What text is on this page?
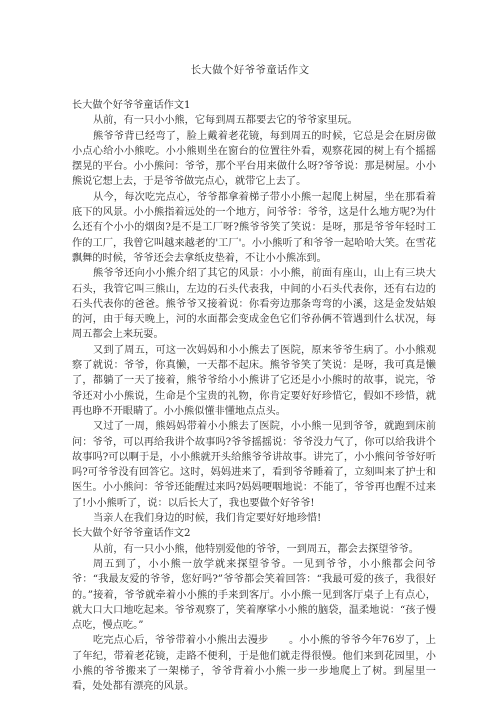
长大做个好爷爷童话作文

长大做个好爷爷童话作文1

从前，有一只小小熊，它每到周五都要去它的爷爷家里玩。

熊爷爷背已经弯了，脸上戴着老花镜，每到周五的时候，它总是会在厨房做小点心给小小熊吃。小小熊则坐在窗台的位置往外看，观察花园的树上有个摇摇摆晃的平台。小小熊问：爷爷，那个平台用来做什么呀?爷爷说：那是树屋。小小熊说它想上去，于是爷爷做完点心，就带它上去了。

从今，每次吃完点心，爷爷都拿着梯子带小小熊一起爬上树屋，坐在那看着底下的风景。小小熊指着远处的一个地方，问爷爷：爷爷，这是什么地方呢?为什么还有个小小的烟囱?是不是工厂呀?熊爷爷笑了笑说：是呀，那是爷爷年轻时工作的工厂，我曾它叫越来越老的'工厂'。小小熊听了和爷爷一起哈哈大笑。在雪花飘舞的时候，爷爷还会去拿纸皮垫着，不让小小熊冻到。

熊爷爷还向小小熊介绍了其它的风景：小小熊，前面有座山，山上有三块大石头，我管它叫三熊山，左边的石头代表我，中间的小石头代表你，还有右边的石头代表你的爸爸。熊爷爷又接着说：你看旁边那条弯弯的小溪，这是金发姑娘的河，由于每天晚上，河的水面都会变成金色它们爷孙俩不管遇到什么状况，每周五都会上来玩耍。

又到了周五，可这一次妈妈和小小熊去了医院，原来爷爷生病了。小小熊观察了就说：爷爷，你真懒，一天都不起床。熊爷爷笑了笑说：是呀，我可真是懒了，都躺了一天了接着，熊爷爷给小小熊讲了它还是小小熊时的故事，说完，爷爷还对小小熊说，生命是个宝贵的礼物，你肯定要好好珍惜它，假如不珍惜，就再也睁不开眼睛了。小小熊似懂非懂地点点头。

又过了一周，熊妈妈带着小小熊去了医院，小小熊一见到爷爷，就跑到床前问：爷爷，可以再给我讲个故事吗?爷爷摇摇说：爷爷没力气了，你可以给我讲个故事吗?可以啊于是，小小熊就开头给熊爷爷讲故事。讲完了，小小熊问爷爷好听吗?可爷爷没有回答它。这时，妈妈进来了，看到爷爷睡着了，立刻叫来了护士和医生。小小熊问：爷爷还能醒过来吗?妈妈哽咽地说：不能了，爷爷再也醒不过来了!小小熊听了，说：以后长大了，我也要做个好爷爷!

当亲人在我们身边的时候，我们肯定要好好地珍惜!

长大做个好爷爷童话作文2

从前，有一只小小熊，他特别爱他的爷爷，一到周五，都会去探望爷爷。

周五到了，小小熊一放学就来探望爷爷。一见到爷爷，小小熊都会问爷爷：“我最友爱的爷爷，您好吗?”爷爷都会笑着回答：“我最可爱的孩子，我很好的。”接着，爷爷就牵着小小熊的手来到客厅。小小熊一见到客厅桌子上有点心，就大口大口地吃起来。爷爷观察了，笑着摩挲小小熊的脑袋，温柔地说：“孩子慢点吃，慢点吃。”

吃完点心后，爷爷带着小小熊出去漫步　　。小小熊的爷爷今年76岁了，上了年纪，带着老花镜，走路不便利，于是他们就走得很慢。他们来到花园里，小小熊的爷爷搬来了一架梯子，爷爷背着小小熊一步一步地爬上了树。到屋里一看，处处都有漂亮的风景。
